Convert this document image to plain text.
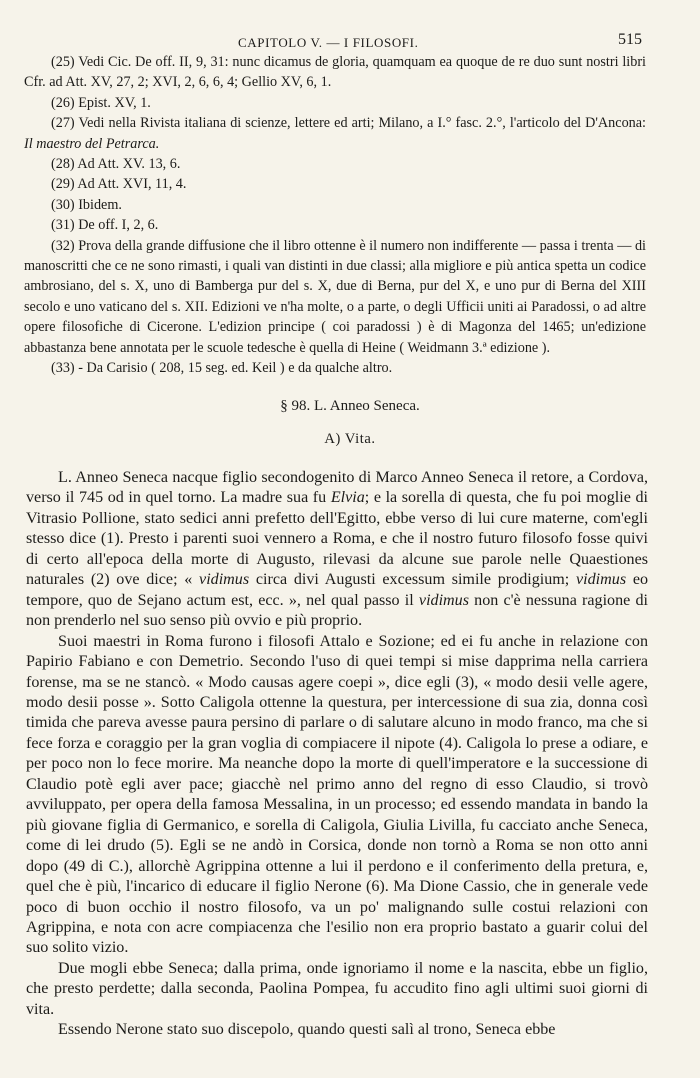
CAPITOLO V. — I FILOSOFI.	515

(25) Vedi Cic. De off. II, 9, 31: nunc dicamus de gloria, quamquam ea quoque de re duo sunt nostri libri Cfr. ad Att. XV, 27, 2; XVI, 2, 6, 6, 4; Gellio XV, 6, 1.

(26) Epist. XV, 1.

(27) Vedi nella Rivista italiana di scienze, lettere ed arti; Milano, a I.° fasc. 2.°, l'articolo del D'Ancona: Il maestro del Petrarca.

(28) Ad Att. XV. 13, 6.

(29) Ad Att. XVI, 11, 4.

(30) Ibidem.

(31) De off. I, 2, 6.

(32) Prova della grande diffusione che il libro ottenne è il numero non indifferente — passa i trenta — di manoscritti che ce ne sono rimasti, i quali van distinti in due classi; alla migliore e più antica spetta un codice ambrosiano, del s. X, uno di Bamberga pur del s. X, due di Berna, pur del X, e uno pur di Berna del XIII secolo e uno vaticano del s. XII. Edizioni ve n'ha molte, o a parte, o degli Ufficii uniti ai Paradossi, o ad altre opere filosofiche di Cicerone. L'edizion principe ( coi paradossi ) è di Magonza del 1465; un'edizione abbastanza bene annotata per le scuole tedesche è quella di Heine ( Weidmann 3.ª edizione ).

(33) - Da Carisio ( 208, 15 seg. ed. Keil ) e da qualche altro.

§ 98. L. Anneo Seneca.
A) Vita.

L. Anneo Seneca nacque figlio secondogenito di Marco Anneo Seneca il retore, a Cordova, verso il 745 od in quel torno. La madre sua fu Elvia; e la sorella di questa, che fu poi moglie di Vitrasio Pollione, stato sedici anni prefetto dell'Egitto, ebbe verso di lui cure materne, com'egli stesso dice (1). Presto i parenti suoi vennero a Roma, e che il nostro futuro filosofo fosse quivi di certo all'epoca della morte di Augusto, rilevasi da alcune sue parole nelle Quaestiones naturales (2) ove dice; « vidimus circa divi Augusti excessum simile prodigium; vidimus eo tempore, quo de Sejano actum est, ecc. », nel qual passo il vidimus non c'è nessuna ragione di non prenderlo nel suo senso più ovvio e più proprio.

Suoi maestri in Roma furono i filosofi Attalo e Sozione; ed ei fu anche in relazione con Papirio Fabiano e con Demetrio. Secondo l'uso di quei tempi si mise dapprima nella carriera forense, ma se ne stancò. « Modo causas agere coepi », dice egli (3), « modo desii velle agere, modo desii posse ». Sotto Caligola ottenne la questura, per intercessione di sua zia, donna così timida che pareva avesse paura persino di parlare o di salutare alcuno in modo franco, ma che si fece forza e coraggio per la gran voglia di compiacere il nipote (4). Caligola lo prese a odiare, e per poco non lo fece morire. Ma neanche dopo la morte di quell'imperatore e la successione di Claudio potè egli aver pace; giacchè nel primo anno del regno di esso Claudio, si trovò avviluppato, per opera della famosa Messalina, in un processo; ed essendo mandata in bando la più giovane figlia di Germanico, e sorella di Caligola, Giulia Livilla, fu cacciato anche Seneca, come di lei drudo (5). Egli se ne andò in Corsica, donde non tornò a Roma se non otto anni dopo (49 di C.), allorchè Agrippina ottenne a lui il perdono e il conferimento della pretura, e, quel che è più, l'incarico di educare il figlio Nerone (6). Ma Dione Cassio, che in generale vede poco di buon occhio il nostro filosofo, va un po' malignando sulle costui relazioni con Agrippina, e nota con acre compiacenza che l'esilio non era proprio bastato a guarir colui del suo solito vizio.

Due mogli ebbe Seneca; dalla prima, onde ignoriamo il nome e la nascita, ebbe un figlio, che presto perdette; dalla seconda, Paolina Pompea, fu accudito fino agli ultimi suoi giorni di vita.

Essendo Nerone stato suo discepolo, quando questi salì al trono, Seneca ebbe
